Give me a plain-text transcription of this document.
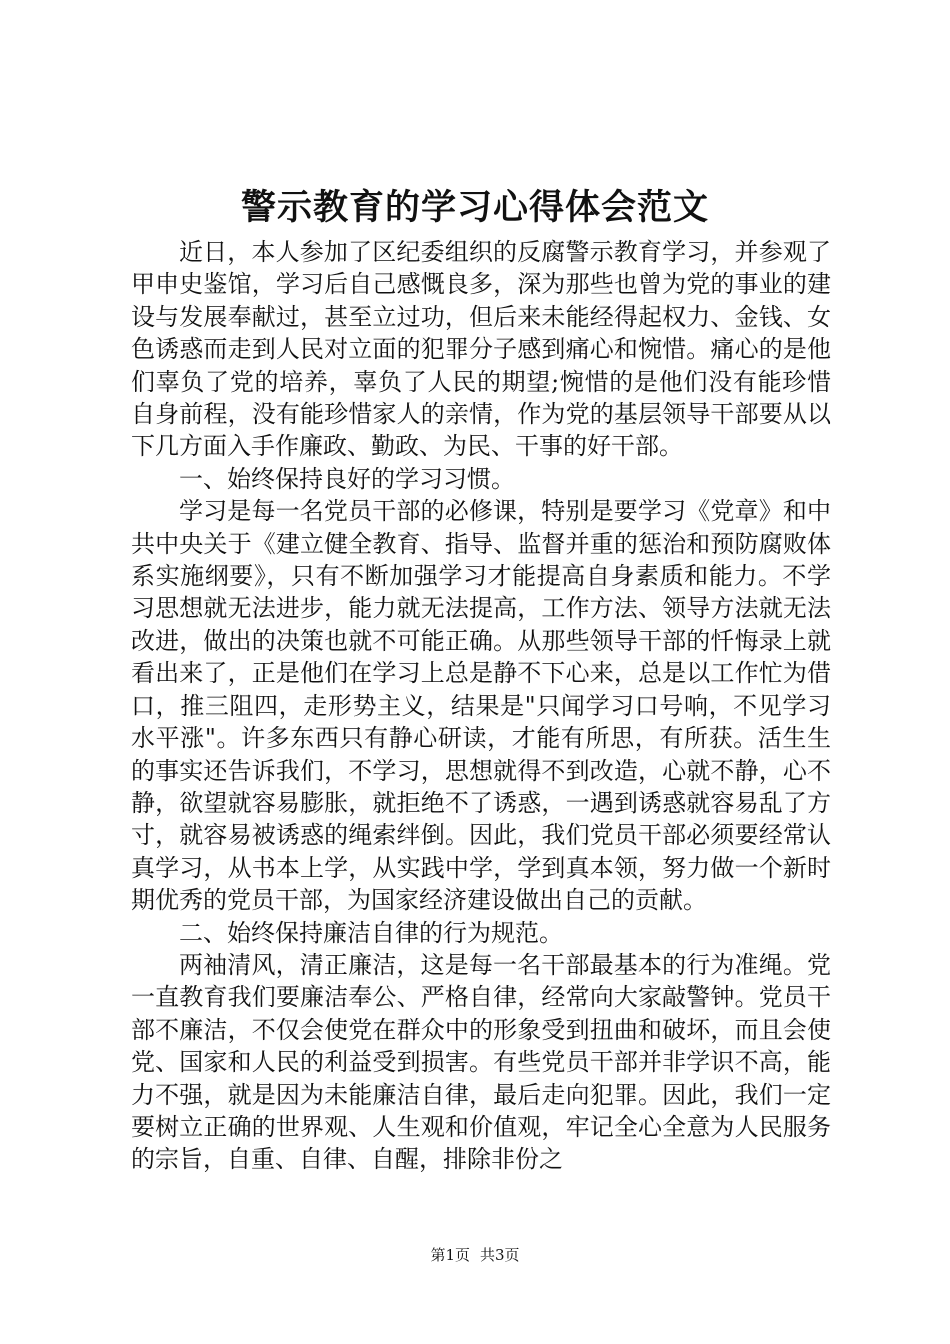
警示教育的学习心得体会范文

近日，本人参加了区纪委组织的反腐警示教育学习，并参观了甲申史鉴馆，学习后自己感慨良多，深为那些也曾为党的事业的建设与发展奉献过，甚至立过功，但后来未能经得起权力、金钱、女色诱惑而走到人民对立面的犯罪分子感到痛心和惋惜。痛心的是他们辜负了党的培养，辜负了人民的期望;惋惜的是他们没有能珍惜自身前程，没有能珍惜家人的亲情，作为党的基层领导干部要从以下几方面入手作廉政、勤政、为民、干事的好干部。

一、始终保持良好的学习习惯。

学习是每一名党员干部的必修课，特别是要学习《党章》和中共中央关于《建立健全教育、指导、监督并重的惩治和预防腐败体系实施纲要》，只有不断加强学习才能提高自身素质和能力。不学习思想就无法进步，能力就无法提高，工作方法、领导方法就无法改进，做出的决策也就不可能正确。从那些领导干部的忏悔录上就看出来了，正是他们在学习上总是静不下心来，总是以工作忙为借口，推三阻四，走形势主义，结果是"只闻学习口号响，不见学习水平涨"。许多东西只有静心研读，才能有所思，有所获。活生生的事实还告诉我们，不学习，思想就得不到改造，心就不静，心不静，欲望就容易膨胀，就拒绝不了诱惑，一遇到诱惑就容易乱了方寸，就容易被诱惑的绳索绊倒。因此，我们党员干部必须要经常认真学习，从书本上学，从实践中学，学到真本领，努力做一个新时期优秀的党员干部，为国家经济建设做出自己的贡献。

二、始终保持廉洁自律的行为规范。

两袖清风，清正廉洁，这是每一名干部最基本的行为准绳。党一直教育我们要廉洁奉公、严格自律，经常向大家敲警钟。党员干部不廉洁，不仅会使党在群众中的形象受到扭曲和破坏，而且会使党、国家和人民的利益受到损害。有些党员干部并非学识不高，能力不强，就是因为未能廉洁自律，最后走向犯罪。因此，我们一定要树立正确的世界观、人生观和价值观，牢记全心全意为人民服务的宗旨，自重、自律、自醒，排除非份之

第1页 共3页
